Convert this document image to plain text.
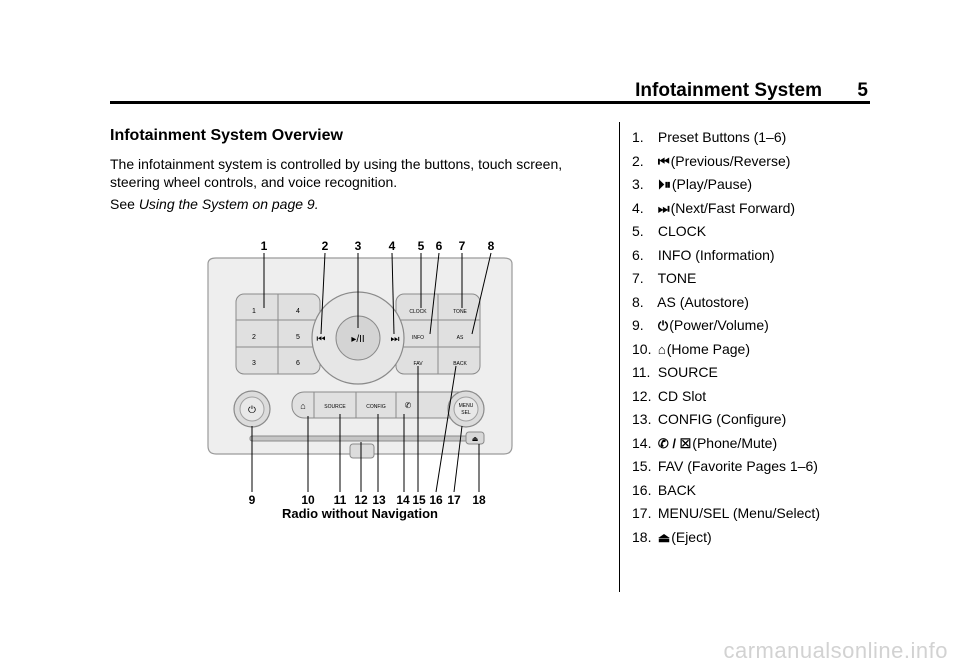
Infotainment System 5
Infotainment System Overview
The infotainment system is controlled by using the buttons, touch screen, steering wheel controls, and voice recognition.
See Using the System on page 9.
▸/II
⏮	⏭
1
2
3
4
5
6
CLOCK
INFO
FAV
TONE
AS
BACK
⌂	SOURCE	CONFIG ✆
⏻	MENU
SEL
⏏
1	2 3 4 5 6 7 8
9	10 11 12 13 14 15 16 17 18
Radio without Navigation
1. Preset Buttons (1–6)
2. ⏮(Previous/Reverse)
3. ⏵⏸(Play/Pause)
4. ⏭(Next/Fast Forward)
5. CLOCK
6. INFO (Information)
7. TONE
8. AS (Autostore)
9. ⏻(Power/Volume)
10. ⌂(Home Page)
11. SOURCE
12. CD Slot
13. CONFIG (Configure)
14. ✆ / ☒(Phone/Mute)
15. FAV (Favorite Pages 1–6)
16. BACK
17. MENU/SEL (Menu/Select)
18. ⏏(Eject)
carmanualsonline.info
